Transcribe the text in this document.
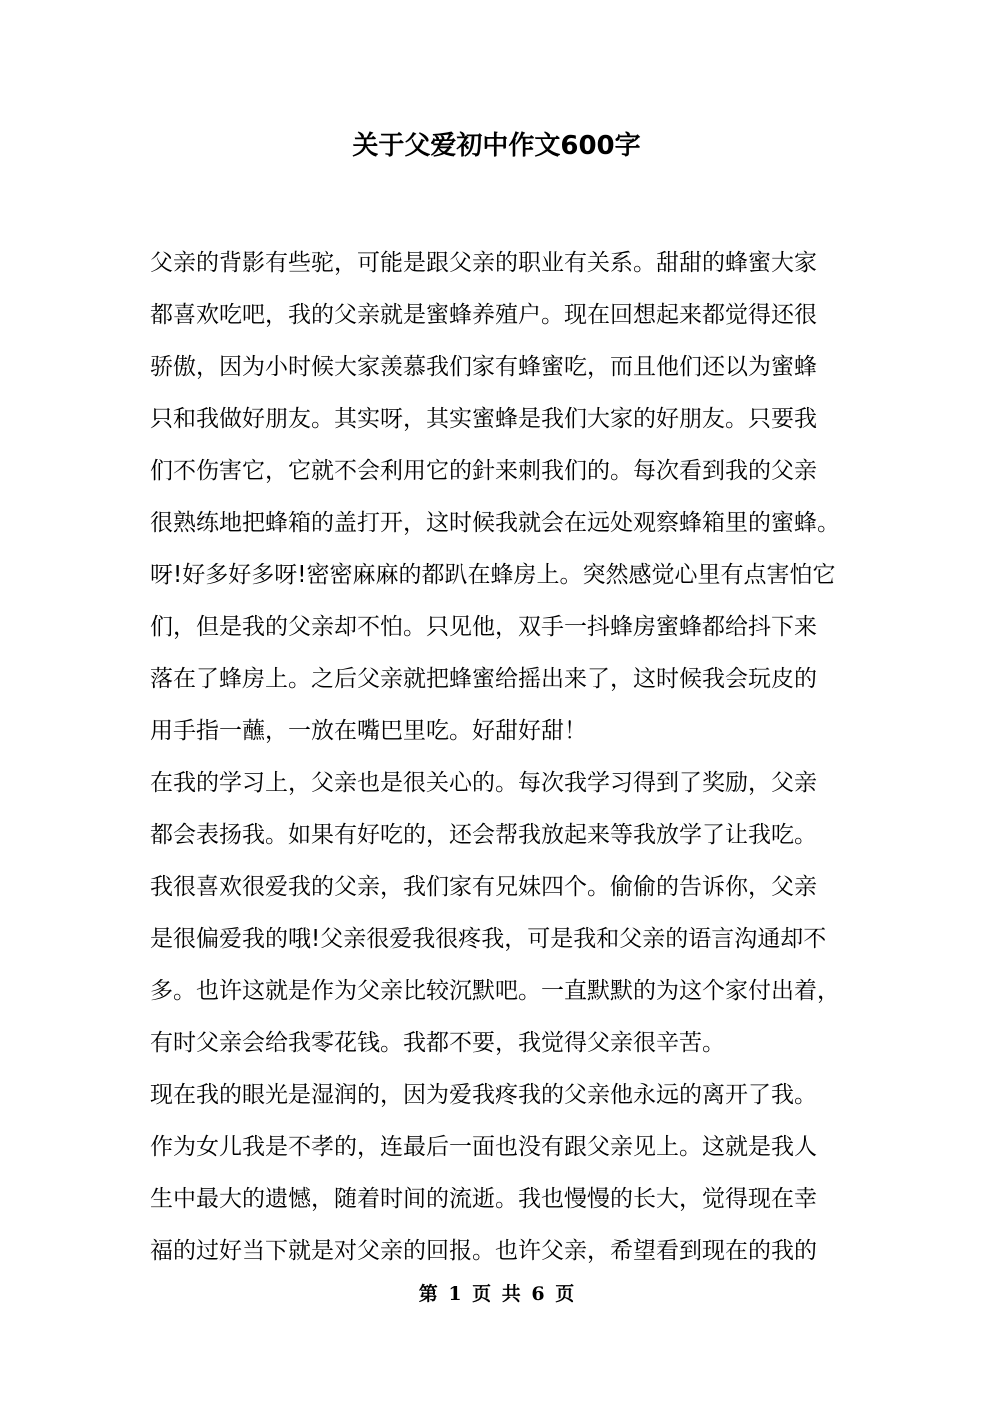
关于父爱初中作文600字
父亲的背影有些驼，可能是跟父亲的职业有关系。甜甜的蜂蜜大家
都喜欢吃吧，我的父亲就是蜜蜂养殖户。现在回想起来都觉得还很
骄傲，因为小时候大家羡慕我们家有蜂蜜吃，而且他们还以为蜜蜂
只和我做好朋友。其实呀，其实蜜蜂是我们大家的好朋友。只要我
们不伤害它，它就不会利用它的針来刺我们的。每次看到我的父亲
很熟练地把蜂箱的盖打开，这时候我就会在远处观察蜂箱里的蜜蜂。
呀!好多好多呀!密密麻麻的都趴在蜂房上。突然感觉心里有点害怕它
们，但是我的父亲却不怕。只见他，双手一抖蜂房蜜蜂都给抖下来
落在了蜂房上。之后父亲就把蜂蜜给摇出来了，这时候我会玩皮的
用手指一蘸，一放在嘴巴里吃。好甜好甜！
在我的学习上，父亲也是很关心的。每次我学习得到了奖励，父亲
都会表扬我。如果有好吃的，还会帮我放起来等我放学了让我吃。
我很喜欢很爱我的父亲，我们家有兄妹四个。偷偷的告诉你，父亲
是很偏爱我的哦!父亲很爱我很疼我，可是我和父亲的语言沟通却不
多。也许这就是作为父亲比较沉默吧。一直默默的为这个家付出着，
有时父亲会给我零花钱。我都不要，我觉得父亲很辛苦。
现在我的眼光是湿润的，因为爱我疼我的父亲他永远的离开了我。
作为女儿我是不孝的，连最后一面也没有跟父亲见上。这就是我人
生中最大的遗憾，随着时间的流逝。我也慢慢的长大，觉得现在幸
福的过好当下就是对父亲的回报。也许父亲，希望看到现在的我的
第 1 页 共 6 页
